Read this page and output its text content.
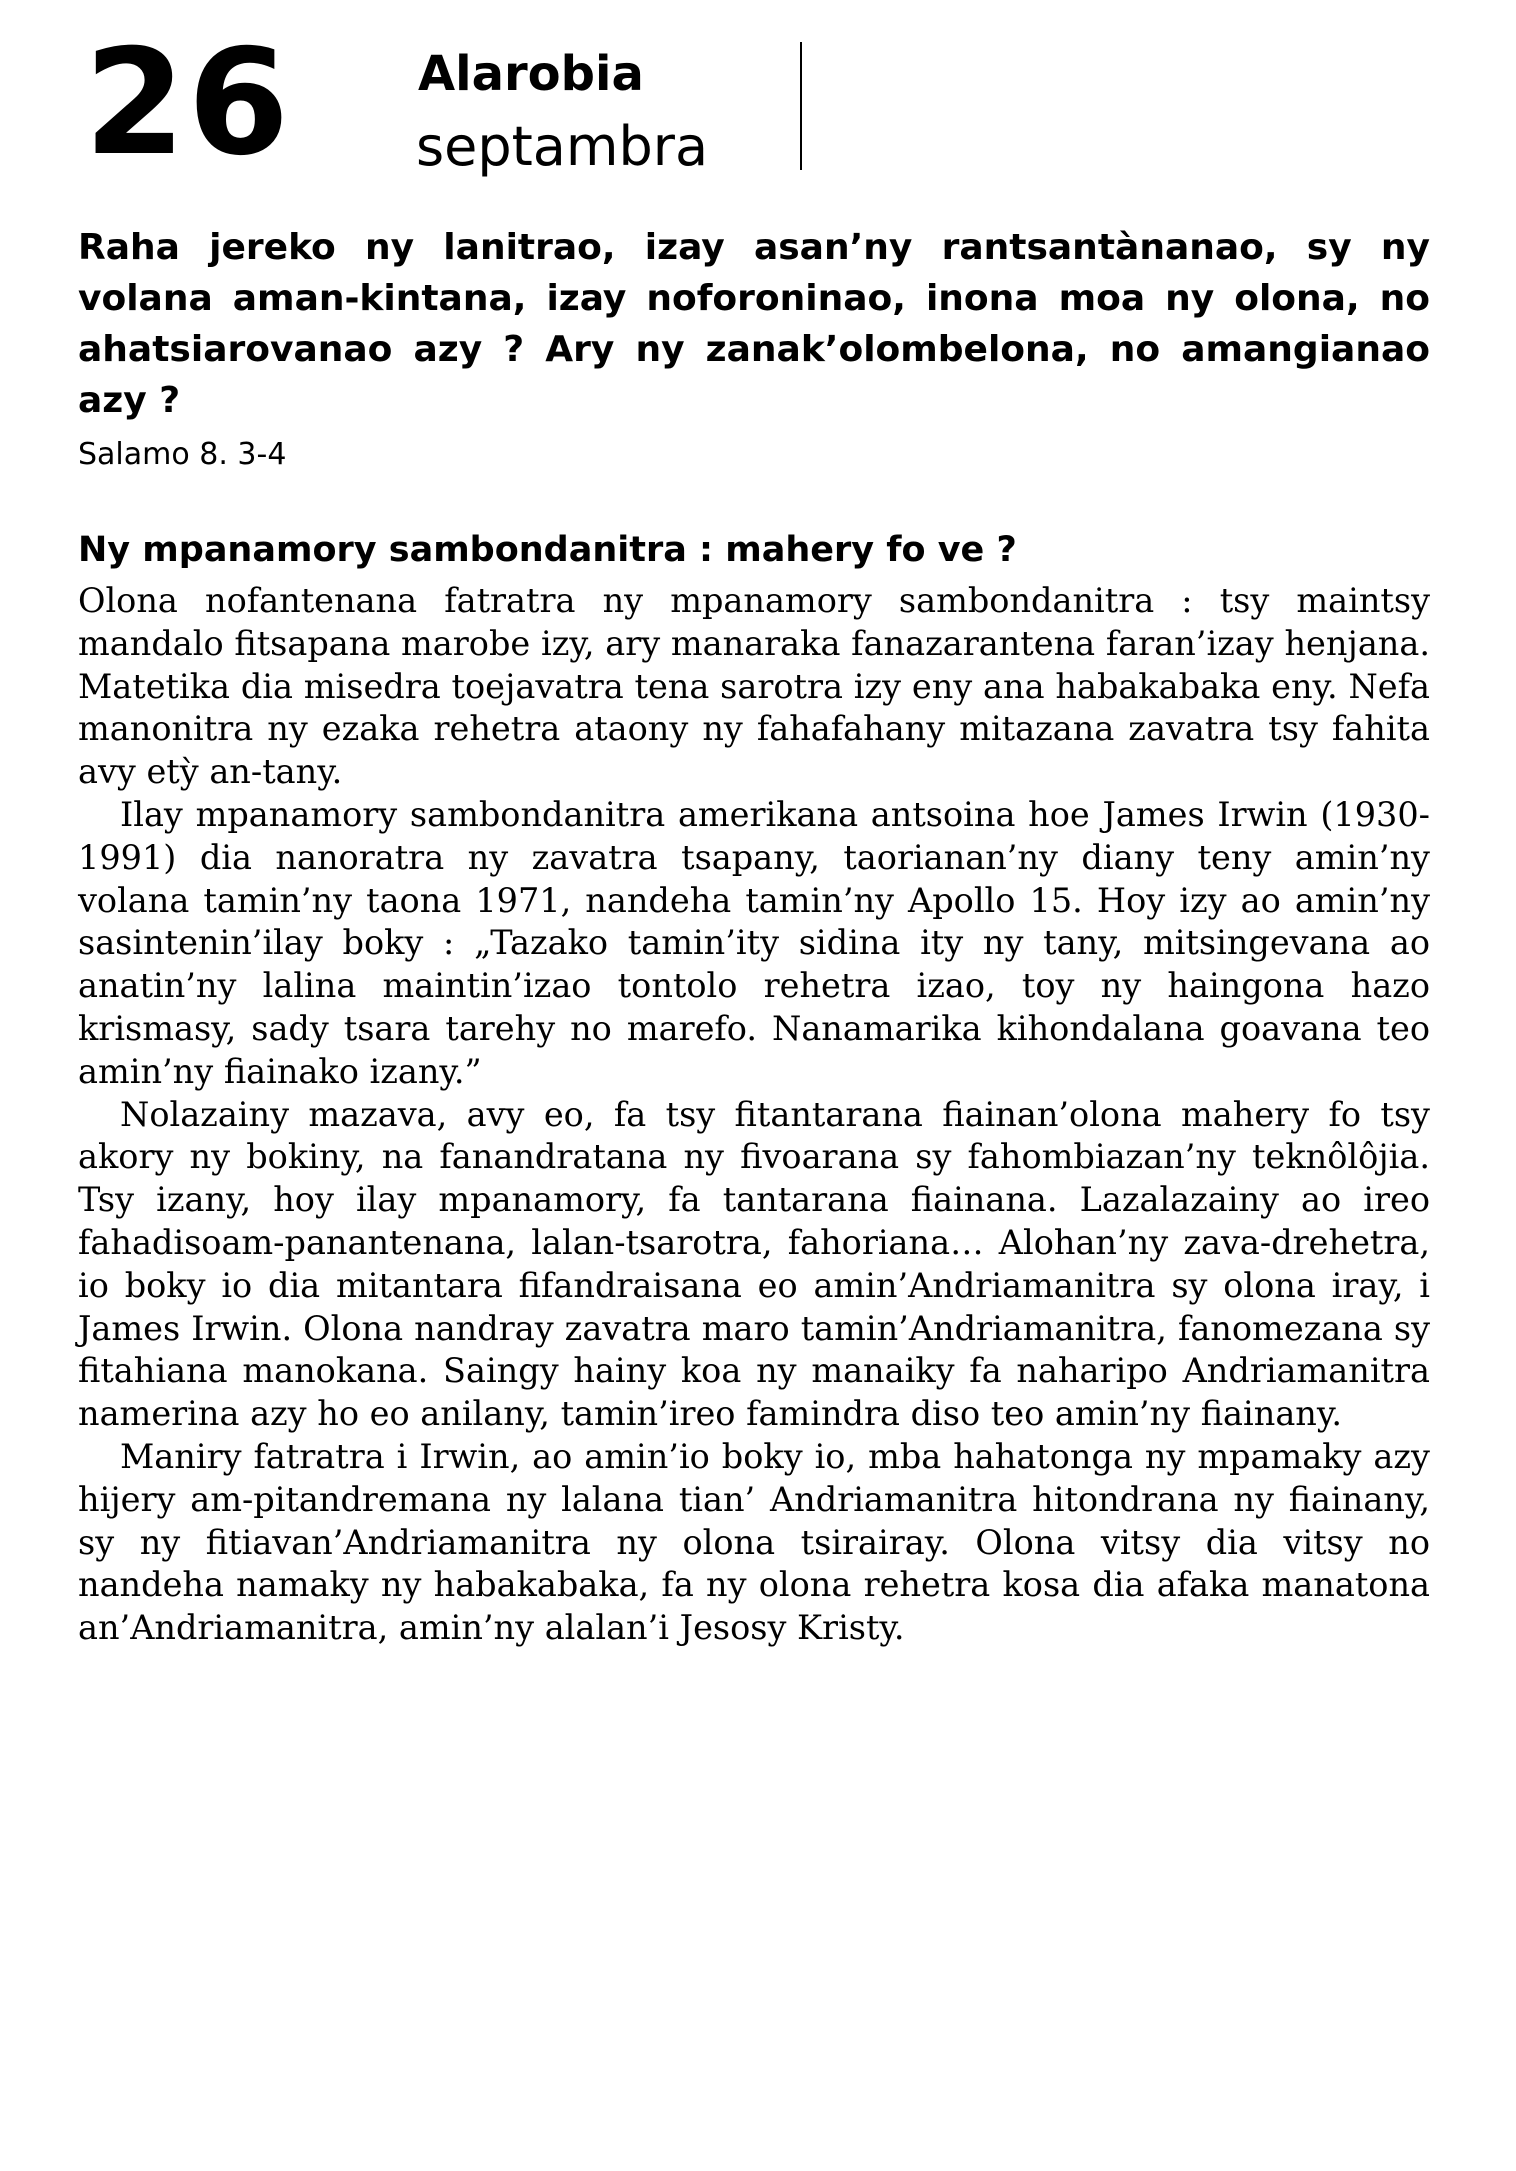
26	Alarobia
septambra

Raha jereko ny lanitrao, izay asan’ny rantsantànanao, sy ny volana aman-kintana, izay noforoninao, inona moa ny olona, no ahatsiarovanao azy ? Ary ny zanak’olombelona, no amangianao azy ?

Salamo 8. 3-4
Ny mpanamory sambondanitra : mahery fo ve ?

Olona nofantenana fatratra ny mpanamory sambondanitra : tsy maintsy mandalo fitsapana marobe izy, ary manaraka fanazarantena faran’izay henjana. Matetika dia misedra toejavatra tena sarotra izy eny ana habakabaka eny. Nefa manonitra ny ezaka rehetra ataony ny fahafahany mitazana zavatra tsy fahita avy etỳ an-tany.

Ilay mpanamory sambondanitra amerikana antsoina hoe James Irwin (1930-1991) dia nanoratra ny zavatra tsapany, taorianan’ny diany teny amin’ny volana tamin’ny taona 1971, nandeha tamin’ny Apollo 15. Hoy izy ao amin’ny sasintenin’ilay boky : „Tazako tamin’ity sidina ity ny tany, mitsingevana ao anatin’ny lalina maintin’izao tontolo rehetra izao, toy ny haingona hazo krismasy, sady tsara tarehy no marefo. Nanamarika kihondalana goavana teo amin’ny fiainako izany.”

Nolazainy mazava, avy eo, fa tsy fitantarana fiainan’olona mahery fo tsy akory ny bokiny, na fanandratana ny fivoarana sy fahombiazan’ny teknôlôjia. Tsy izany, hoy ilay mpanamory, fa tantarana fiainana. Lazalazainy ao ireo fahadisoam-panantenana, lalan-tsarotra, fahoriana… Alohan’ny zava-drehetra, io boky io dia mitantara fifandraisana eo amin’Andriamanitra sy olona iray, i James Irwin. Olona nandray zavatra maro tamin’Andriamanitra, fanomezana sy fitahiana manokana. Saingy hainy koa ny manaiky fa naharipo Andriamanitra namerina azy ho eo anilany, tamin’ireo famindra diso teo amin’ny fiainany.

Maniry fatratra i Irwin, ao amin’io boky io, mba hahatonga ny mpamaky azy hijery am-pitandremana ny lalana tian’ Andriamanitra hitondrana ny fiainany, sy ny fitiavan’Andriamanitra ny olona tsirairay. Olona vitsy dia vitsy no nandeha namaky ny habakabaka, fa ny olona rehetra kosa dia afaka manatona an’Andriamanitra, amin’ny alalan’i Jesosy Kristy.
